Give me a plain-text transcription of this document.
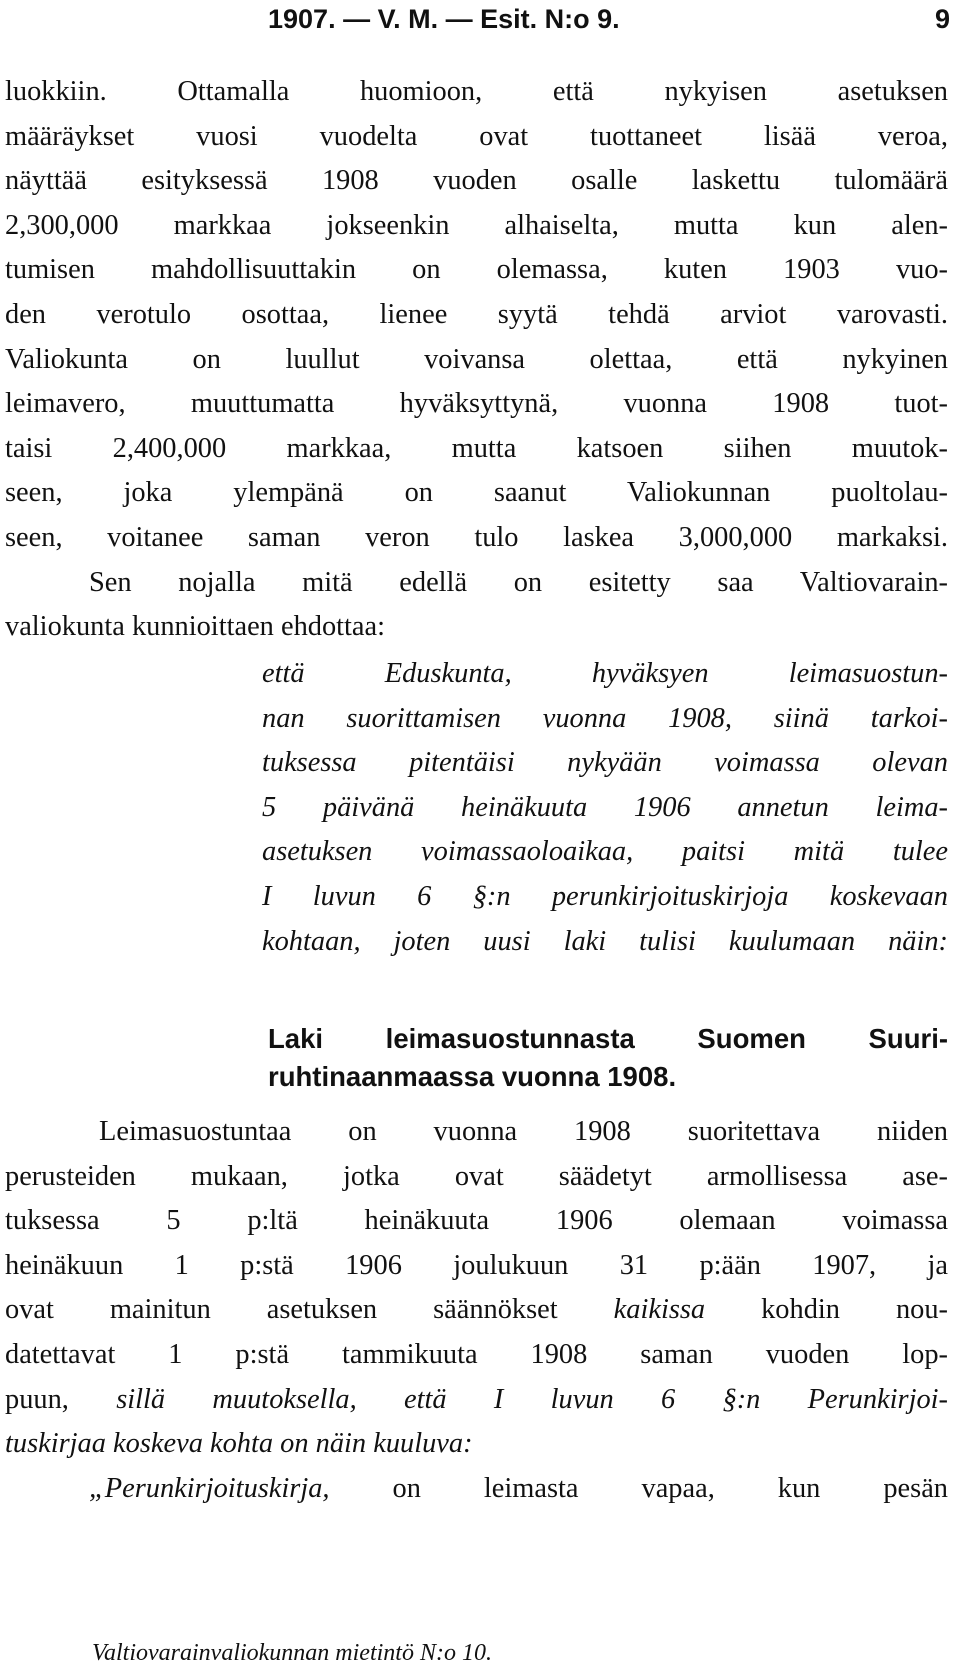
1907. — V. M. — Esit. N:o 9.	9
luokkiin. Ottamalla huomioon, että nykyisen asetuksen
määräykset vuosi vuodelta ovat tuottaneet lisää veroa,
näyttää esityksessä 1908 vuoden osalle laskettu tulomäärä
2,300,000 markkaa jokseenkin alhaiselta, mutta kun alen-
tumisen mahdollisuuttakin on olemassa, kuten 1903 vuo-
den verotulo osottaa, lienee syytä tehdä arviot varovasti.
Valiokunta on luullut voivansa olettaa, että nykyinen
leimavero, muuttumatta hyväksyttynä, vuonna 1908 tuot-
taisi 2,400,000 markkaa, mutta katsoen siihen muutok-
seen, joka ylempänä on saanut Valiokunnan puoltolau-
seen, voitanee saman veron tulo laskea 3,000,000 markaksi.
Sen nojalla mitä edellä on esitetty saa Valtiovarain-
valiokunta kunnioittaen ehdottaa:
että Eduskunta, hyväksyen leimasuostun-
nan suorittamisen vuonna 1908, siinä tarkoi-
tuksessa pitentäisi nykyään voimassa olevan
5 päivänä heinäkuuta 1906 annetun leima-
asetuksen voimassaoloaikaa, paitsi mitä tulee
I luvun 6 §:n perunkirjoituskirjoja koskevaan
kohtaan, joten uusi laki tulisi kuulumaan näin:
Laki leimasuostunnasta Suomen Suuri-
ruhtinaanmaassa vuonna 1908.
Leimasuostuntaa on vuonna 1908 suoritettava niiden
perusteiden mukaan, jotka ovat säädetyt armollisessa ase-
tuksessa 5 p:ltä heinäkuuta 1906 olemaan voimassa
heinäkuun 1 p:stä 1906 joulukuun 31 p:ään 1907, ja
ovat mainitun asetuksen säännökset kaikissa kohdin nou-
datettavat 1 p:stä tammikuuta 1908 saman vuoden lop-
puun, sillä muutoksella, että I luvun 6 §:n Perunkirjoi-
tuskirjaa koskeva kohta on näin kuuluva:
„Perunkirjoituskirja, on leimasta vapaa, kun pesän
Valtiovarainvaliokunnan mietintö N:o 10.
